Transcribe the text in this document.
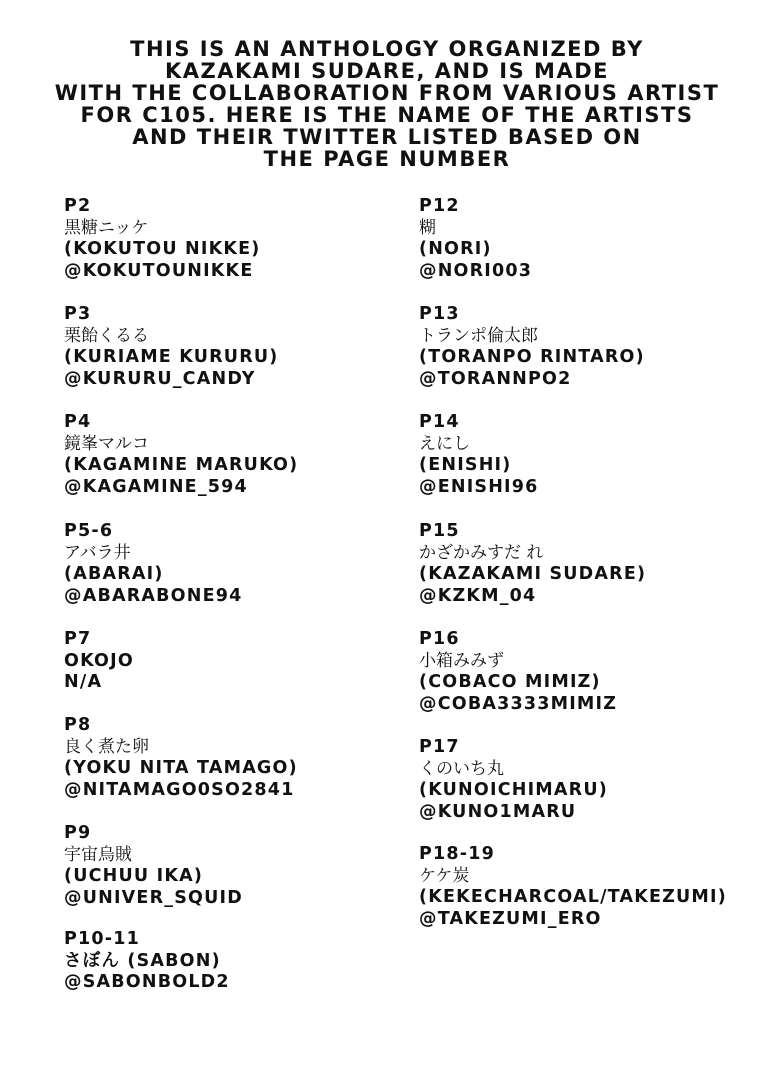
THIS IS AN ANTHOLOGY ORGANIZED BY
KAZAKAMI SUDARE, AND IS MADE
WITH THE COLLABORATION FROM VARIOUS ARTIST
FOR C105. HERE IS THE NAME OF THE ARTISTS
AND THEIR TWITTER LISTED BASED ON
THE PAGE NUMBER
P2
黒糖ニッケ
(KOKUTOU NIKKE)
@KOKUTOUNIKKE
P3
栗飴くるる
(KURIAME KURURU)
@KURURU_CANDY
P4
鏡峯マルコ
(KAGAMINE MARUKO)
@KAGAMINE_594
P5-6
アバラ井
(ABARAI)
@ABARABONE94
P7
OKOJO
N/A
P8
良く煮た卵
(YOKU NITA TAMAGO)
@NITAMAGO0SO2841
P9
宇宙烏賊
(UCHUU IKA)
@UNIVER_SQUID
P10-11
さぼん (SABON)
@SABONBOLD2
P12
糊
(NORI)
@NORI003
P13
トランポ倫太郎
(TORANPO RINTARO)
@TORANNPO2
P14
えにし
(ENISHI)
@ENISHI96
P15
かざかみすだ れ
(KAZAKAMI SUDARE)
@KZKM_04
P16
小箱みみず
(COBACO MIMIZ)
@COBA3333MIMIZ
P17
くのいち丸
(KUNOICHIMARU)
@KUNO1MARU
P18-19
ケケ炭
(KEKECHARCOAL/TAKEZUMI)
@TAKEZUMI_ERO
